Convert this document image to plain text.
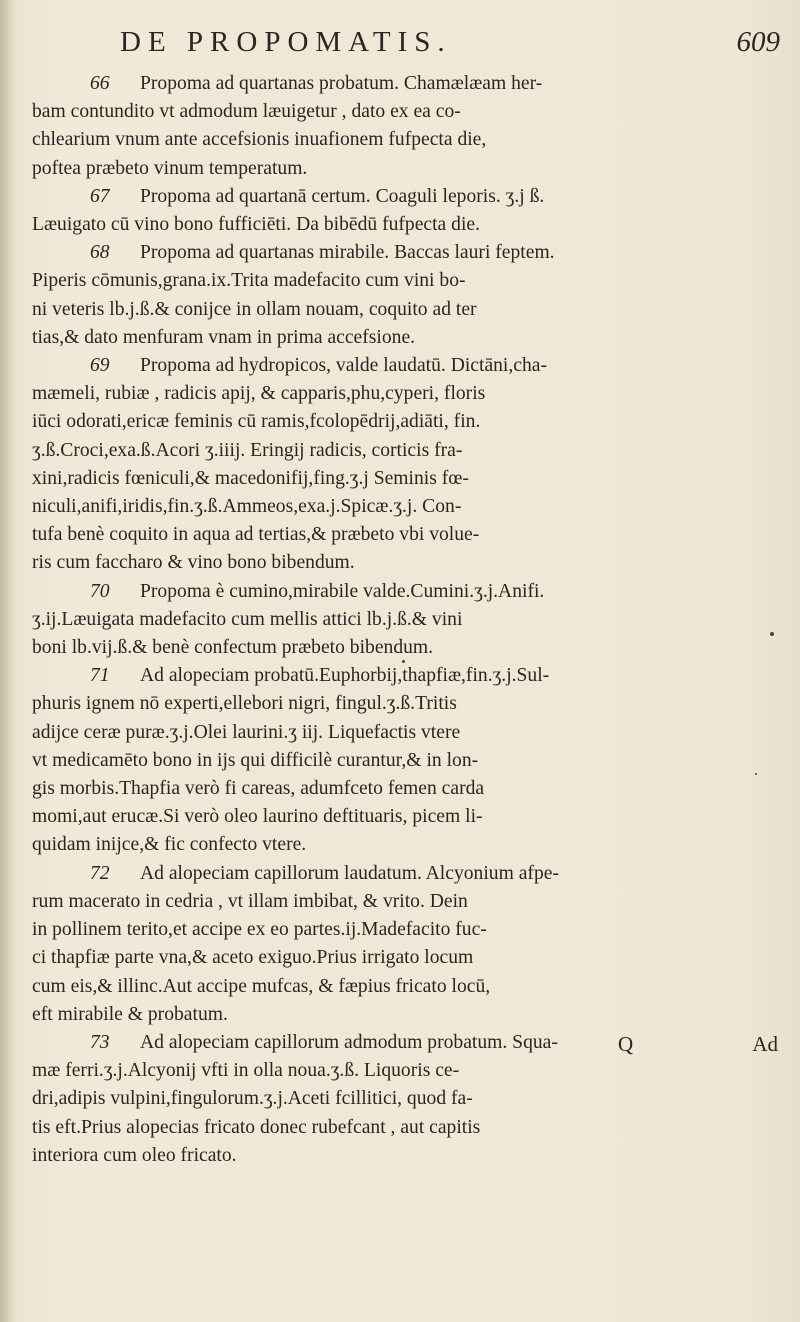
DE PROPOMATIS.	609
66 Propoma ad quartanas probatum. Chamælæam her-
bam contundito vt admodum læuigetur , dato ex ea co-
chlearium vnum ante accefsionis inuafionem fufpecta die,
poftea præbeto vinum temperatum.
67 Propoma ad quartanā certum. Coaguli leporis. ʒ.j ß.
Læuigato cū vino bono fufficiēti. Da bibēdū fufpecta die.
68 Propoma ad quartanas mirabile. Baccas lauri feptem.
Piperis cōmunis,grana.ix.Trita madefacito cum vini bo-
ni veteris lb.j.ß.& conijce in ollam nouam, coquito ad ter
tias,& dato menfuram vnam in prima accefsione.
69 Propoma ad hydropicos, valde laudatū. Dictāni,cha-
mæmeli, rubiæ , radicis apij, & capparis,phu,cyperi, floris
iūci odorati,ericæ feminis cū ramis,fcolopēdrij,adiāti, fin.
ʒ.ß.Croci,exa.ß.Acori ʒ.iiij. Eringij radicis, corticis fra-
xini,radicis fœniculi,& macedonifij,fing.ʒ.j Seminis fœ-
niculi,anifi,iridis,fin.ʒ.ß.Ammeos,exa.j.Spicæ.ʒ.j. Con-
tufa benè coquito in aqua ad tertias,& præbeto vbi volue-
ris cum faccharo & vino bono bibendum.
70 Propoma è cumino,mirabile valde.Cumini.ʒ.j.Anifi.
ʒ.ij.Læuigata madefacito cum mellis attici lb.j.ß.& vini
boni lb.vij.ß.& benè confectum præbeto bibendum.
71 Ad alopeciam probatū.Euphorbij,thapfiæ,fin.ʒ.j.Sul-
phuris ignem nō experti,ellebori nigri, fingul.ʒ.ß.Tritis
adijce ceræ puræ.ʒ.j.Olei laurini.ʒ iij. Liquefactis vtere
vt medicamēto bono in ijs qui difficilè curantur,& in lon-
gis morbis.Thapfia verò fi careas, adumfceto femen carda
momi,aut erucæ.Si verò oleo laurino deftituaris, picem li-
quidam inijce,& fic confecto vtere.
72 Ad alopeciam capillorum laudatum. Alcyonium afpe-
rum macerato in cedria , vt illam imbibat, & vrito. Dein
in pollinem terito,et accipe ex eo partes.ij.Madefacito fuc-
ci thapfiæ parte vna,& aceto exiguo.Prius irrigato locum
cum eis,& illinc.Aut accipe mufcas, & fæpius fricato locū,
eft mirabile & probatum.
73 Ad alopeciam capillorum admodum probatum. Squa-
mæ ferri.ʒ.j.Alcyonij vfti in olla noua.ʒ.ß. Liquoris ce-
dri,adipis vulpini,fingulorum.ʒ.j.Aceti fcillitici, quod fa-
tis eft.Prius alopecias fricato donec rubefcant , aut capitis
interiora cum oleo fricato.
Q	Ad
